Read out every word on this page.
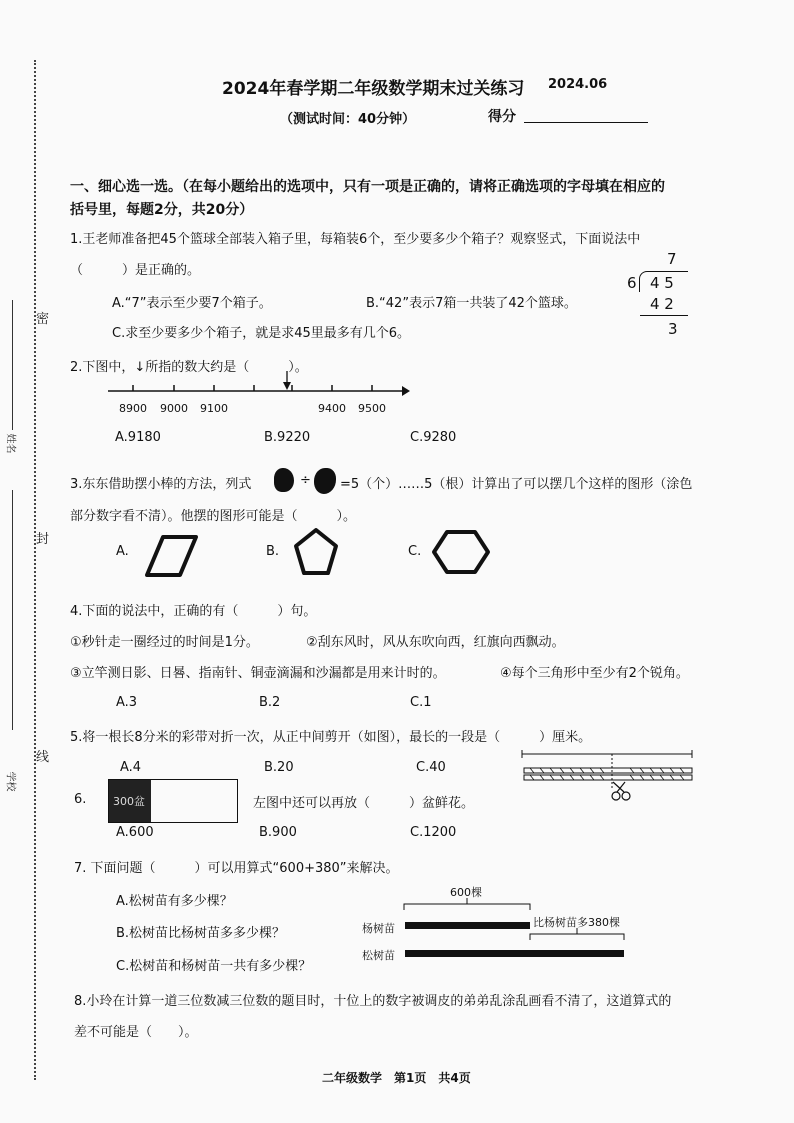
密
封
线
姓名
学校
2024年春学期二年级数学期末过关练习 2024.06
（测试时间：40分钟）	得分
一、细心选一选。（在每小题给出的选项中，只有一项是正确的，请将正确选项的字母填在相应的
括号里，每题2分，共20分）
1.王老师准备把45个篮球全部装入箱子里，每箱装6个，至少要多少个箱子？观察竖式，下面说法中
（　　　）是正确的。
A.“7”表示至少要7个箱子。	B.“42”表示7箱一共装了42个篮球。
C.求至少要多少个箱子，就是求45里最多有几个6。
7
6 4 5
4 2
3
2.下图中，↓所指的数大约是（　　　）。
8900 9000 9100	9400 9500
A.9180	B.9220	C.9280
3.东东借助摆小棒的方法，列式	÷ =5（个）……5（根）计算出了可以摆几个这样的图形（涂色
部分数字看不清）。他摆的图形可能是（　　　）。
A.	B.	C.
4.下面的说法中，正确的有（　　　）句。
①秒针走一圈经过的时间是1分。	②刮东风时，风从东吹向西，红旗向西飘动。
③立竿测日影、日晷、指南针、铜壶滴漏和沙漏都是用来计时的。	④每个三角形中至少有2个锐角。
A.3	B.2	C.1
5.将一根长8分米的彩带对折一次，从正中间剪开（如图），最长的一段是（　　　）厘米。
A.4	B.20	C.40
6. 300盆	左图中还可以再放（　　　）盆鲜花。
A.600	B.900	C.1200
7. 下面问题（　　　）可以用算式“600+380”来解决。
A.松树苗有多少棵？
B.松树苗比杨树苗多多少棵？
C.松树苗和杨树苗一共有多少棵？
600棵
杨树苗
松树苗
比杨树苗多380棵
8.小玲在计算一道三位数减三位数的题目时，十位上的数字被调皮的弟弟乱涂乱画看不清了，这道算式的
差不可能是（　　）。
二年级数学　第1页　共4页
